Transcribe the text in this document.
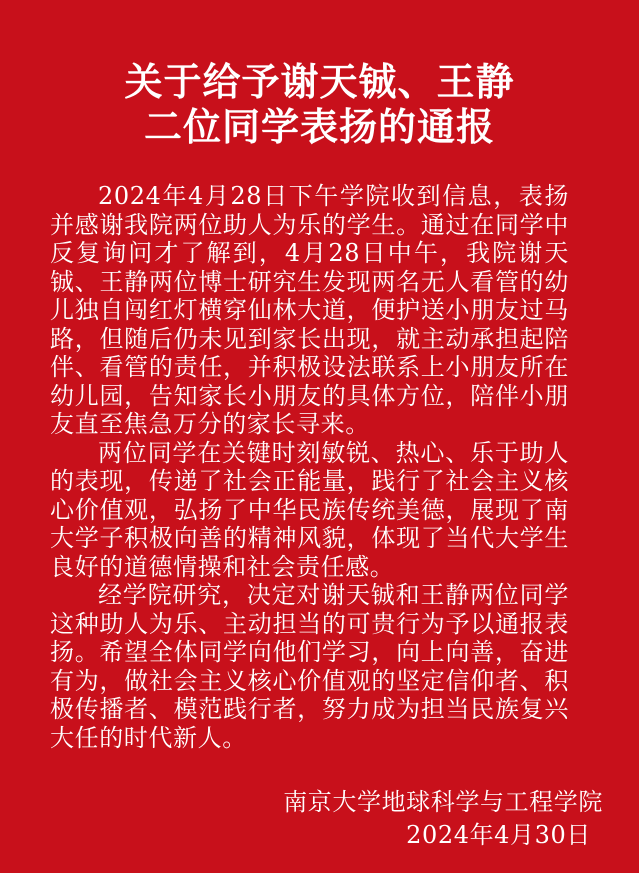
关于给予谢天铖、王静
二位同学表扬的通报

2024年4月28日下午学院收到信息，表扬并感谢我院两位助人为乐的学生。通过在同学中反复询问才了解到，4月28日中午，我院谢天铖、王静两位博士研究生发现两名无人看管的幼儿独自闯红灯横穿仙林大道，便护送小朋友过马路，但随后仍未见到家长出现，就主动承担起陪伴、看管的责任，并积极设法联系上小朋友所在幼儿园，告知家长小朋友的具体方位，陪伴小朋友直至焦急万分的家长寻来。

两位同学在关键时刻敏锐、热心、乐于助人的表现，传递了社会正能量，践行了社会主义核心价值观，弘扬了中华民族传统美德，展现了南大学子积极向善的精神风貌，体现了当代大学生良好的道德情操和社会责任感。

经学院研究，决定对谢天铖和王静两位同学这种助人为乐、主动担当的可贵行为予以通报表扬。希望全体同学向他们学习，向上向善，奋进有为，做社会主义核心价值观的坚定信仰者、积极传播者、模范践行者，努力成为担当民族复兴大任的时代新人。

南京大学地球科学与工程学院
2024年4月30日
